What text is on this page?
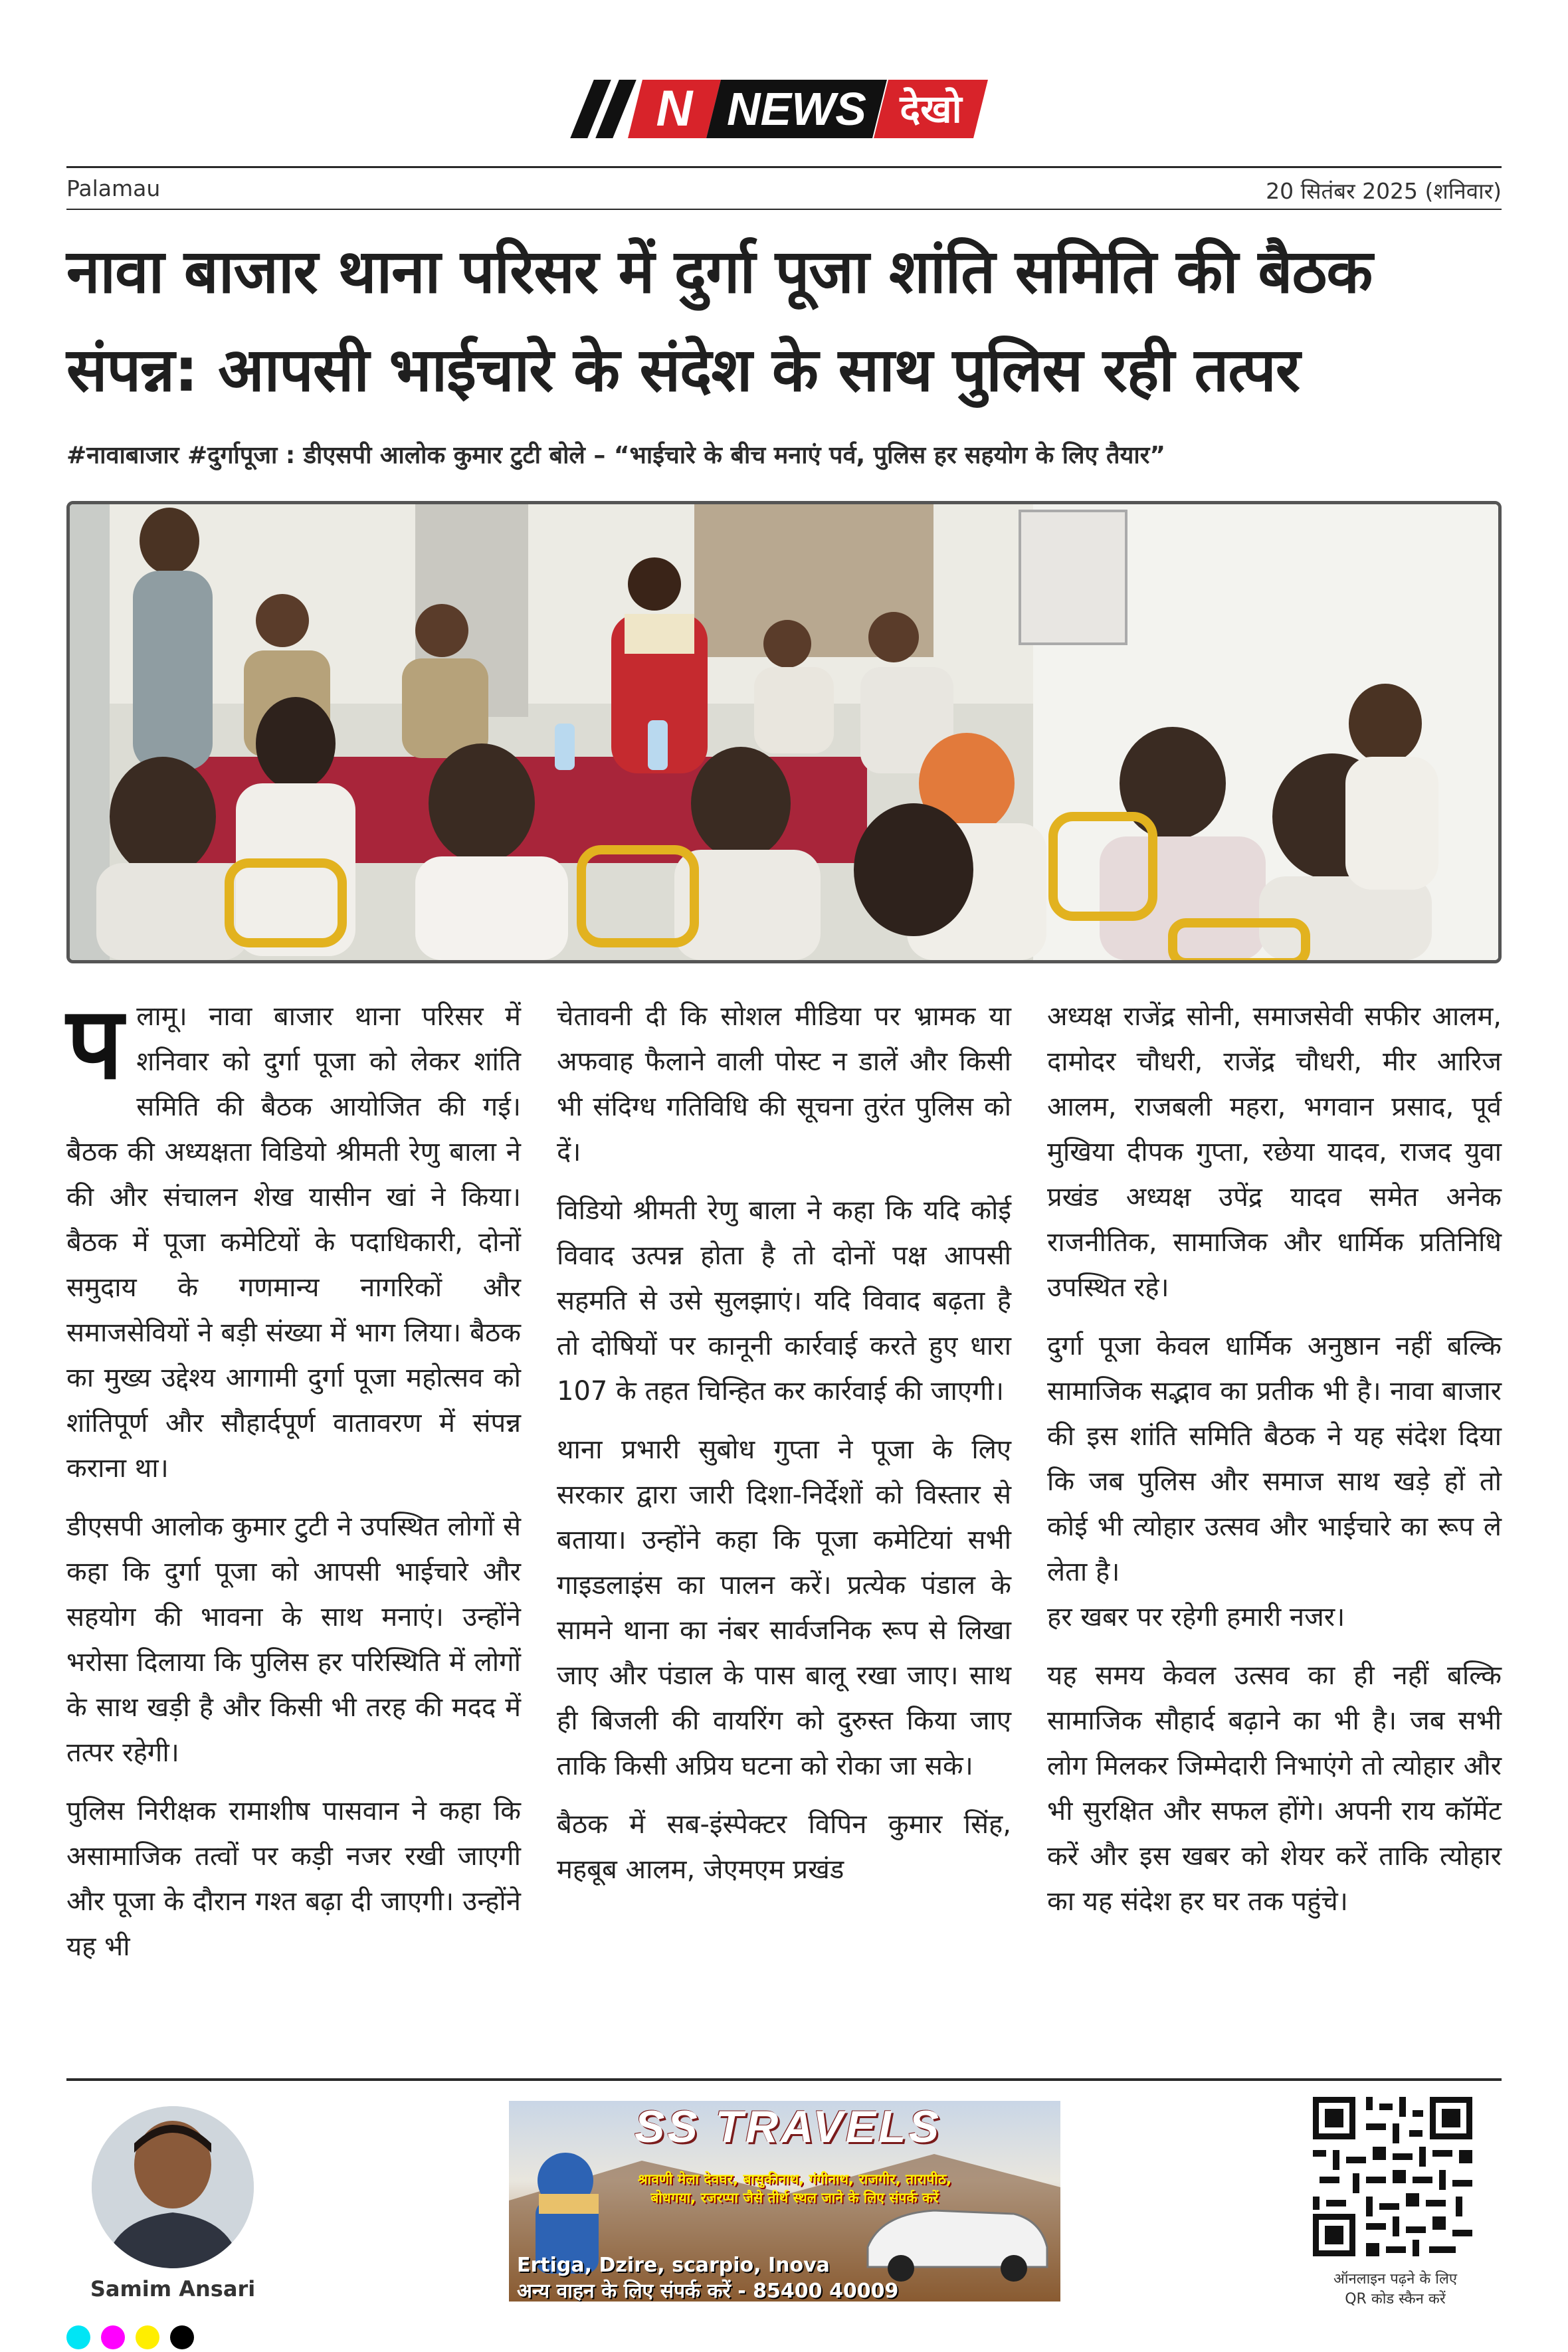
N NEWS देखो
Palamau	20 सितंबर 2025 (शनिवार)
नावा बाजार थाना परिसर में दुर्गा पूजा शांति समिति की बैठक संपन्न: आपसी भाईचारे के संदेश के साथ पुलिस रही तत्पर
#नावाबाजार #दुर्गापूजा : डीएसपी आलोक कुमार टुटी बोले – “भाईचारे के बीच मनाएं पर्व, पुलिस हर सहयोग के लिए तैयार”

पलामू। नावा बाजार थाना परिसर में शनिवार को दुर्गा पूजा को लेकर शांति समिति की बैठक आयोजित की गई। बैठक की अध्यक्षता विडियो श्रीमती रेणु बाला ने की और संचालन शेख यासीन खां ने किया। बैठक में पूजा कमेटियों के पदाधिकारी, दोनों समुदाय के गणमान्य नागरिकों और समाजसेवियों ने बड़ी संख्या में भाग लिया। बैठक का मुख्य उद्देश्य आगामी दुर्गा पूजा महोत्सव को शांतिपूर्ण और सौहार्दपूर्ण वातावरण में संपन्न कराना था।

डीएसपी आलोक कुमार टुटी ने उपस्थित लोगों से कहा कि दुर्गा पूजा को आपसी भाईचारे और सहयोग की भावना के साथ मनाएं। उन्होंने भरोसा दिलाया कि पुलिस हर परिस्थिति में लोगों के साथ खड़ी है और किसी भी तरह की मदद में तत्पर रहेगी।

पुलिस निरीक्षक रामाशीष पासवान ने कहा कि असामाजिक तत्वों पर कड़ी नजर रखी जाएगी और पूजा के दौरान गश्त बढ़ा दी जाएगी। उन्होंने यह भी

चेतावनी दी कि सोशल मीडिया पर भ्रामक या अफवाह फैलाने वाली पोस्ट न डालें और किसी भी संदिग्ध गतिविधि की सूचना तुरंत पुलिस को दें।

विडियो श्रीमती रेणु बाला ने कहा कि यदि कोई विवाद उत्पन्न होता है तो दोनों पक्ष आपसी सहमति से उसे सुलझाएं। यदि विवाद बढ़ता है तो दोषियों पर कानूनी कार्रवाई करते हुए धारा 107 के तहत चिन्हित कर कार्रवाई की जाएगी।

थाना प्रभारी सुबोध गुप्ता ने पूजा के लिए सरकार द्वारा जारी दिशा-निर्देशों को विस्तार से बताया। उन्होंने कहा कि पूजा कमेटियां सभी गाइडलाइंस का पालन करें। प्रत्येक पंडाल के सामने थाना का नंबर सार्वजनिक रूप से लिखा जाए और पंडाल के पास बालू रखा जाए। साथ ही बिजली की वायरिंग को दुरुस्त किया जाए ताकि किसी अप्रिय घटना को रोका जा सके।

बैठक में सब-इंस्पेक्टर विपिन कुमार सिंह, महबूब आलम, जेएमएम प्रखंड

अध्यक्ष राजेंद्र सोनी, समाजसेवी सफीर आलम, दामोदर चौधरी, राजेंद्र चौधरी, मीर आरिज आलम, राजबली महरा, भगवान प्रसाद, पूर्व मुखिया दीपक गुप्ता, रछेया यादव, राजद युवा प्रखंड अध्यक्ष उपेंद्र यादव समेत अनेक राजनीतिक, सामाजिक और धार्मिक प्रतिनिधि उपस्थित रहे।

दुर्गा पूजा केवल धार्मिक अनुष्ठान नहीं बल्कि सामाजिक सद्भाव का प्रतीक भी है। नावा बाजार की इस शांति समिति बैठक ने यह संदेश दिया कि जब पुलिस और समाज साथ खड़े हों तो कोई भी त्योहार उत्सव और भाईचारे का रूप ले लेता है।

हर खबर पर रहेगी हमारी नजर।

यह समय केवल उत्सव का ही नहीं बल्कि सामाजिक सौहार्द बढ़ाने का भी है। जब सभी लोग मिलकर जिम्मेदारी निभाएंगे तो त्योहार और भी सुरक्षित और सफल होंगे। अपनी राय कॉमेंट करें और इस खबर को शेयर करें ताकि त्योहार का यह संदेश हर घर तक पहुंचे।

Samim Ansari
SS TRAVELS
श्रावणी मेला देवघर, बासुकीनाथ, गंगीनाथ, राजगीर, तारापीठ, बोधगया, रजरप्पा जैसे तीर्थ स्थल जाने के लिए संपर्क करें
Ertiga, Dzire, scarpio, Inova
अन्य वाहन के लिए संपर्क करें - 85400 40009
ऑनलाइन पढ़ने के लिए
QR कोड स्कैन करें
